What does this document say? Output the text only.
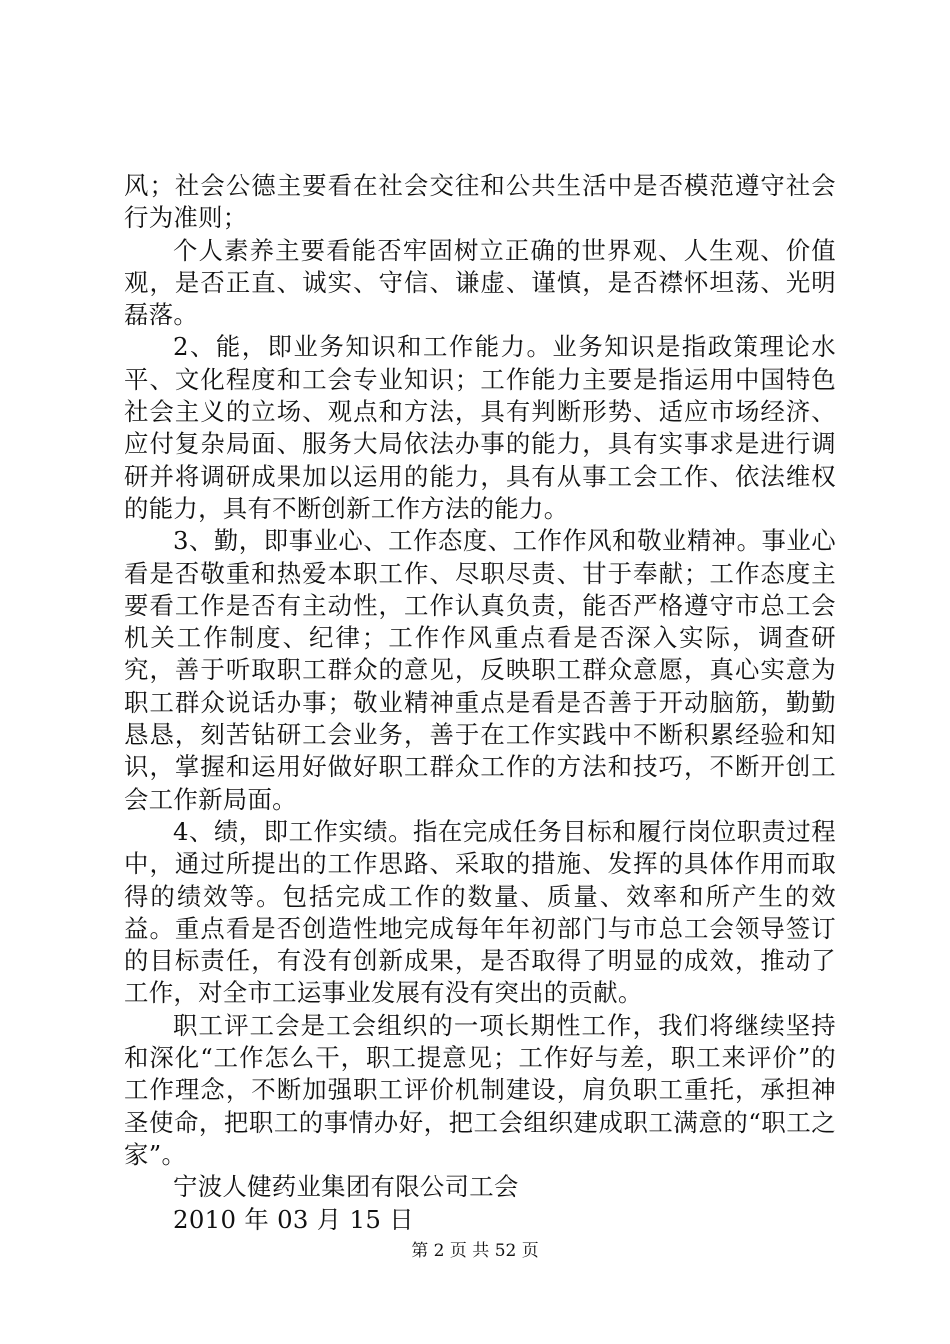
风；社会公德主要看在社会交往和公共生活中是否模范遵守社会行为准则；

个人素养主要看能否牢固树立正确的世界观、人生观、价值观，是否正直、诚实、守信、谦虚、谨慎，是否襟怀坦荡、光明磊落。

2、能，即业务知识和工作能力。业务知识是指政策理论水平、文化程度和工会专业知识；工作能力主要是指运用中国特色社会主义的立场、观点和方法，具有判断形势、适应市场经济、应付复杂局面、服务大局依法办事的能力，具有实事求是进行调研并将调研成果加以运用的能力，具有从事工会工作、依法维权的能力，具有不断创新工作方法的能力。

3、勤，即事业心、工作态度、工作作风和敬业精神。事业心看是否敬重和热爱本职工作、尽职尽责、甘于奉献；工作态度主要看工作是否有主动性，工作认真负责，能否严格遵守市总工会机关工作制度、纪律；工作作风重点看是否深入实际，调查研究，善于听取职工群众的意见，反映职工群众意愿，真心实意为职工群众说话办事；敬业精神重点是看是否善于开动脑筋，勤勤恳恳，刻苦钻研工会业务，善于在工作实践中不断积累经验和知识，掌握和运用好做好职工群众工作的方法和技巧，不断开创工会工作新局面。

4、绩，即工作实绩。指在完成任务目标和履行岗位职责过程中，通过所提出的工作思路、采取的措施、发挥的具体作用而取得的绩效等。包括完成工作的数量、质量、效率和所产生的效益。重点看是否创造性地完成每年年初部门与市总工会领导签订的目标责任，有没有创新成果，是否取得了明显的成效，推动了工作，对全市工运事业发展有没有突出的贡献。

职工评工会是工会组织的一项长期性工作，我们将继续坚持和深化“工作怎么干，职工提意见；工作好与差，职工来评价”的工作理念，不断加强职工评价机制建设，肩负职工重托，承担神圣使命，把职工的事情办好，把工会组织建成职工满意的“职工之家”。

宁波人健药业集团有限公司工会

2010 年 03 月 15 日

第 2 页 共 52 页
